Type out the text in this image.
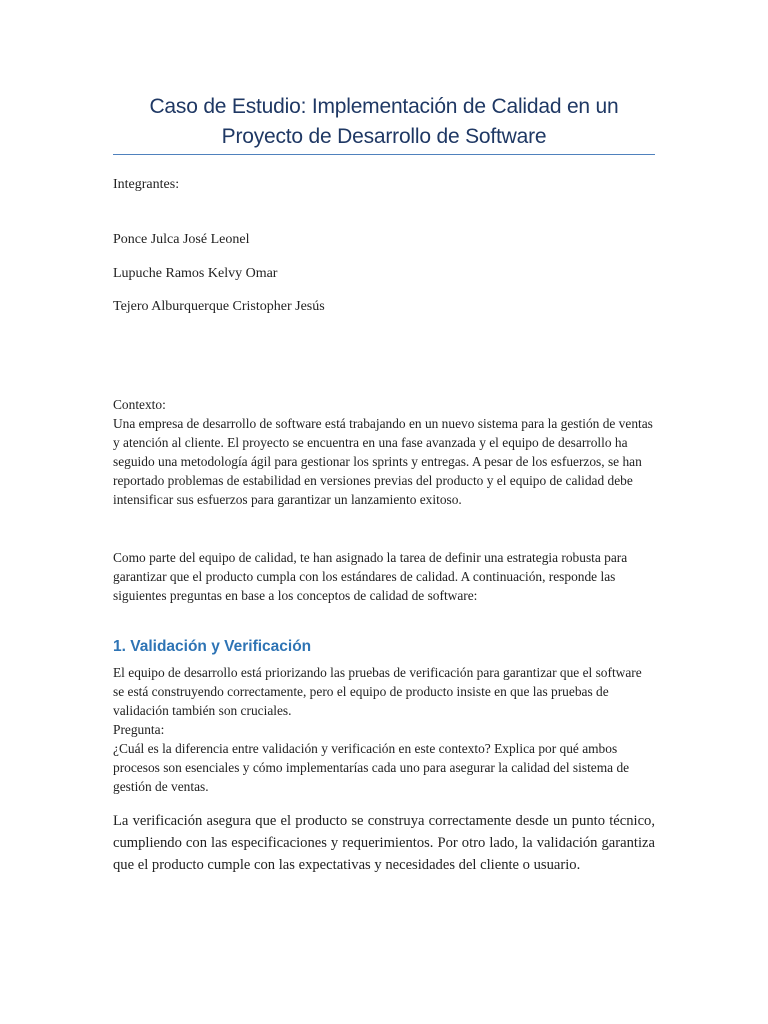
Caso de Estudio: Implementación de Calidad en un
Proyecto de Desarrollo de Software
Integrantes:
Ponce Julca José Leonel
Lupuche Ramos Kelvy Omar
Tejero Alburquerque Cristopher Jesús

Contexto:

Una empresa de desarrollo de software está trabajando en un nuevo sistema para la gestión de ventas y atención al cliente. El proyecto se encuentra en una fase avanzada y el equipo de desarrollo ha seguido una metodología ágil para gestionar los sprints y entregas. A pesar de los esfuerzos, se han reportado problemas de estabilidad en versiones previas del producto y el equipo de calidad debe intensificar sus esfuerzos para garantizar un lanzamiento exitoso.

Como parte del equipo de calidad, te han asignado la tarea de definir una estrategia robusta para garantizar que el producto cumpla con los estándares de calidad. A continuación, responde las siguientes preguntas en base a los conceptos de calidad de software:
1. Validación y Verificación

El equipo de desarrollo está priorizando las pruebas de verificación para garantizar que el software se está construyendo correctamente, pero el equipo de producto insiste en que las pruebas de validación también son cruciales.

Pregunta:

¿Cuál es la diferencia entre validación y verificación en este contexto? Explica por qué ambos procesos son esenciales y cómo implementarías cada uno para asegurar la calidad del sistema de gestión de ventas.

La verificación asegura que el producto se construya correctamente desde un punto técnico, cumpliendo con las especificaciones y requerimientos. Por otro lado, la validación garantiza que el producto cumple con las expectativas y necesidades del cliente o usuario.
